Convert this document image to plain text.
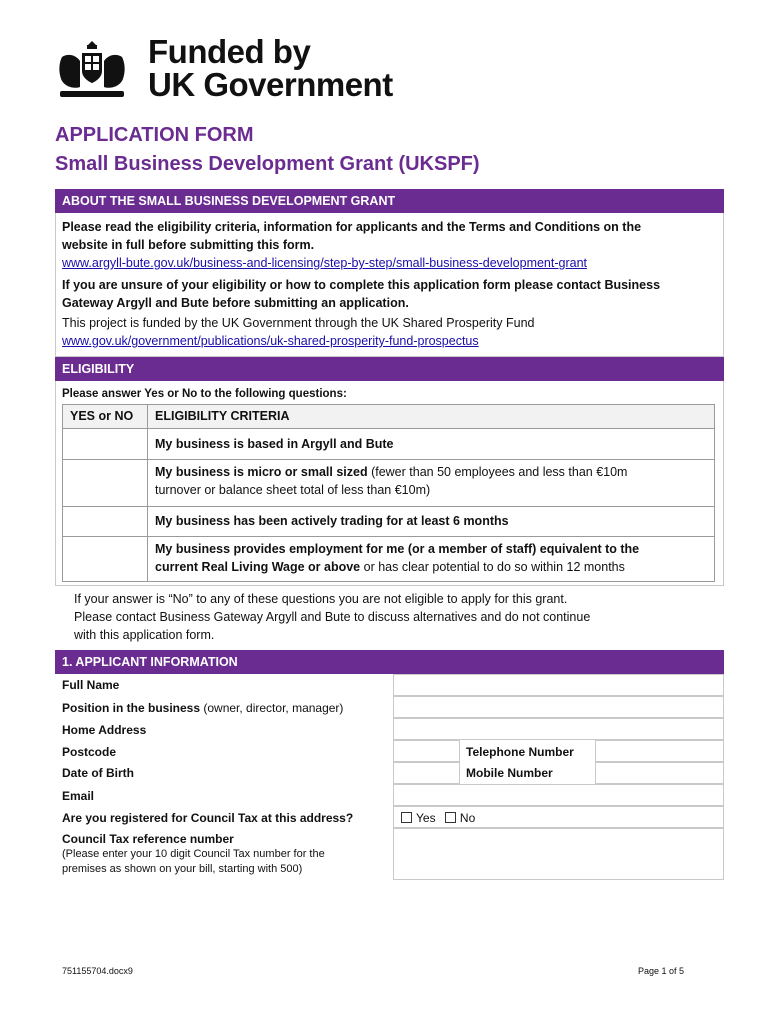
Funded by
UK Government
APPLICATION FORM
Small Business Development Grant (UKSPF)
ABOUT THE SMALL BUSINESS DEVELOPMENT GRANT
Please read the eligibility criteria, information for applicants and the Terms and Conditions on the
website in full before submitting this form.
www.argyll-bute.gov.uk/business-and-licensing/step-by-step/small-business-development-grant
If you are unsure of your eligibility or how to complete this application form please contact Business
Gateway Argyll and Bute before submitting an application.
This project is funded by the UK Government through the UK Shared Prosperity Fund
www.gov.uk/government/publications/uk-shared-prosperity-fund-prospectus
ELIGIBILITY
Please answer Yes or No to the following questions:
YES or NO	ELIGIBILITY CRITERIA
	My business is based in Argyll and Bute
	My business is micro or small sized (fewer than 50 employees and less than €10m
turnover or balance sheet total of less than €10m)
	My business has been actively trading for at least 6 months
	My business provides employment for me (or a member of staff) equivalent to the
current Real Living Wage or above or has clear potential to do so within 12 months
If your answer is “No” to any of these questions you are not eligible to apply for this grant.
Please contact Business Gateway Argyll and Bute to discuss alternatives and do not continue
with this application form.
1. APPLICANT INFORMATION
Full Name
Position in the business (owner, director, manager)
Home Address
Postcode	Telephone Number
Date of Birth	Mobile Number
Email
Are you registered for Council Tax at this address?	Yes No
Council Tax reference number
(Please enter your 10 digit Council Tax number for the
premises as shown on your bill, starting with 500)
751155704.docx9	Page 1 of 5
